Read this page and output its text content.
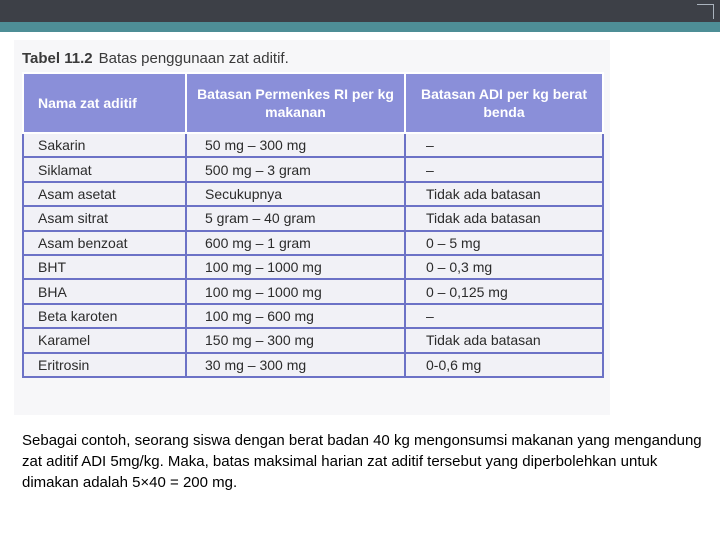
Tabel 11.2 Batas penggunaan zat aditif.
Nama zat aditif	Batasan Permenkes RI per kg makanan	Batasan ADI per kg berat benda
Sakarin	50 mg – 300 mg	–
Siklamat	500 mg – 3 gram	–
Asam asetat	Secukupnya	Tidak ada batasan
Asam sitrat	5 gram – 40 gram	Tidak ada batasan
Asam benzoat	600 mg – 1 gram	0 – 5 mg
BHT	100 mg – 1000 mg	0 – 0,3 mg
BHA	100 mg – 1000 mg	0 – 0,125 mg
Beta karoten	100 mg – 600 mg	–
Karamel	150 mg – 300 mg	Tidak ada batasan
Eritrosin	30 mg – 300 mg	0-0,6 mg
Sebagai contoh, seorang siswa dengan berat badan 40 kg mengonsumsi makanan yang mengandung zat aditif ADI 5mg/kg. Maka, batas maksimal harian zat aditif tersebut yang diperbolehkan untuk dimakan adalah 5×40 = 200 mg.
